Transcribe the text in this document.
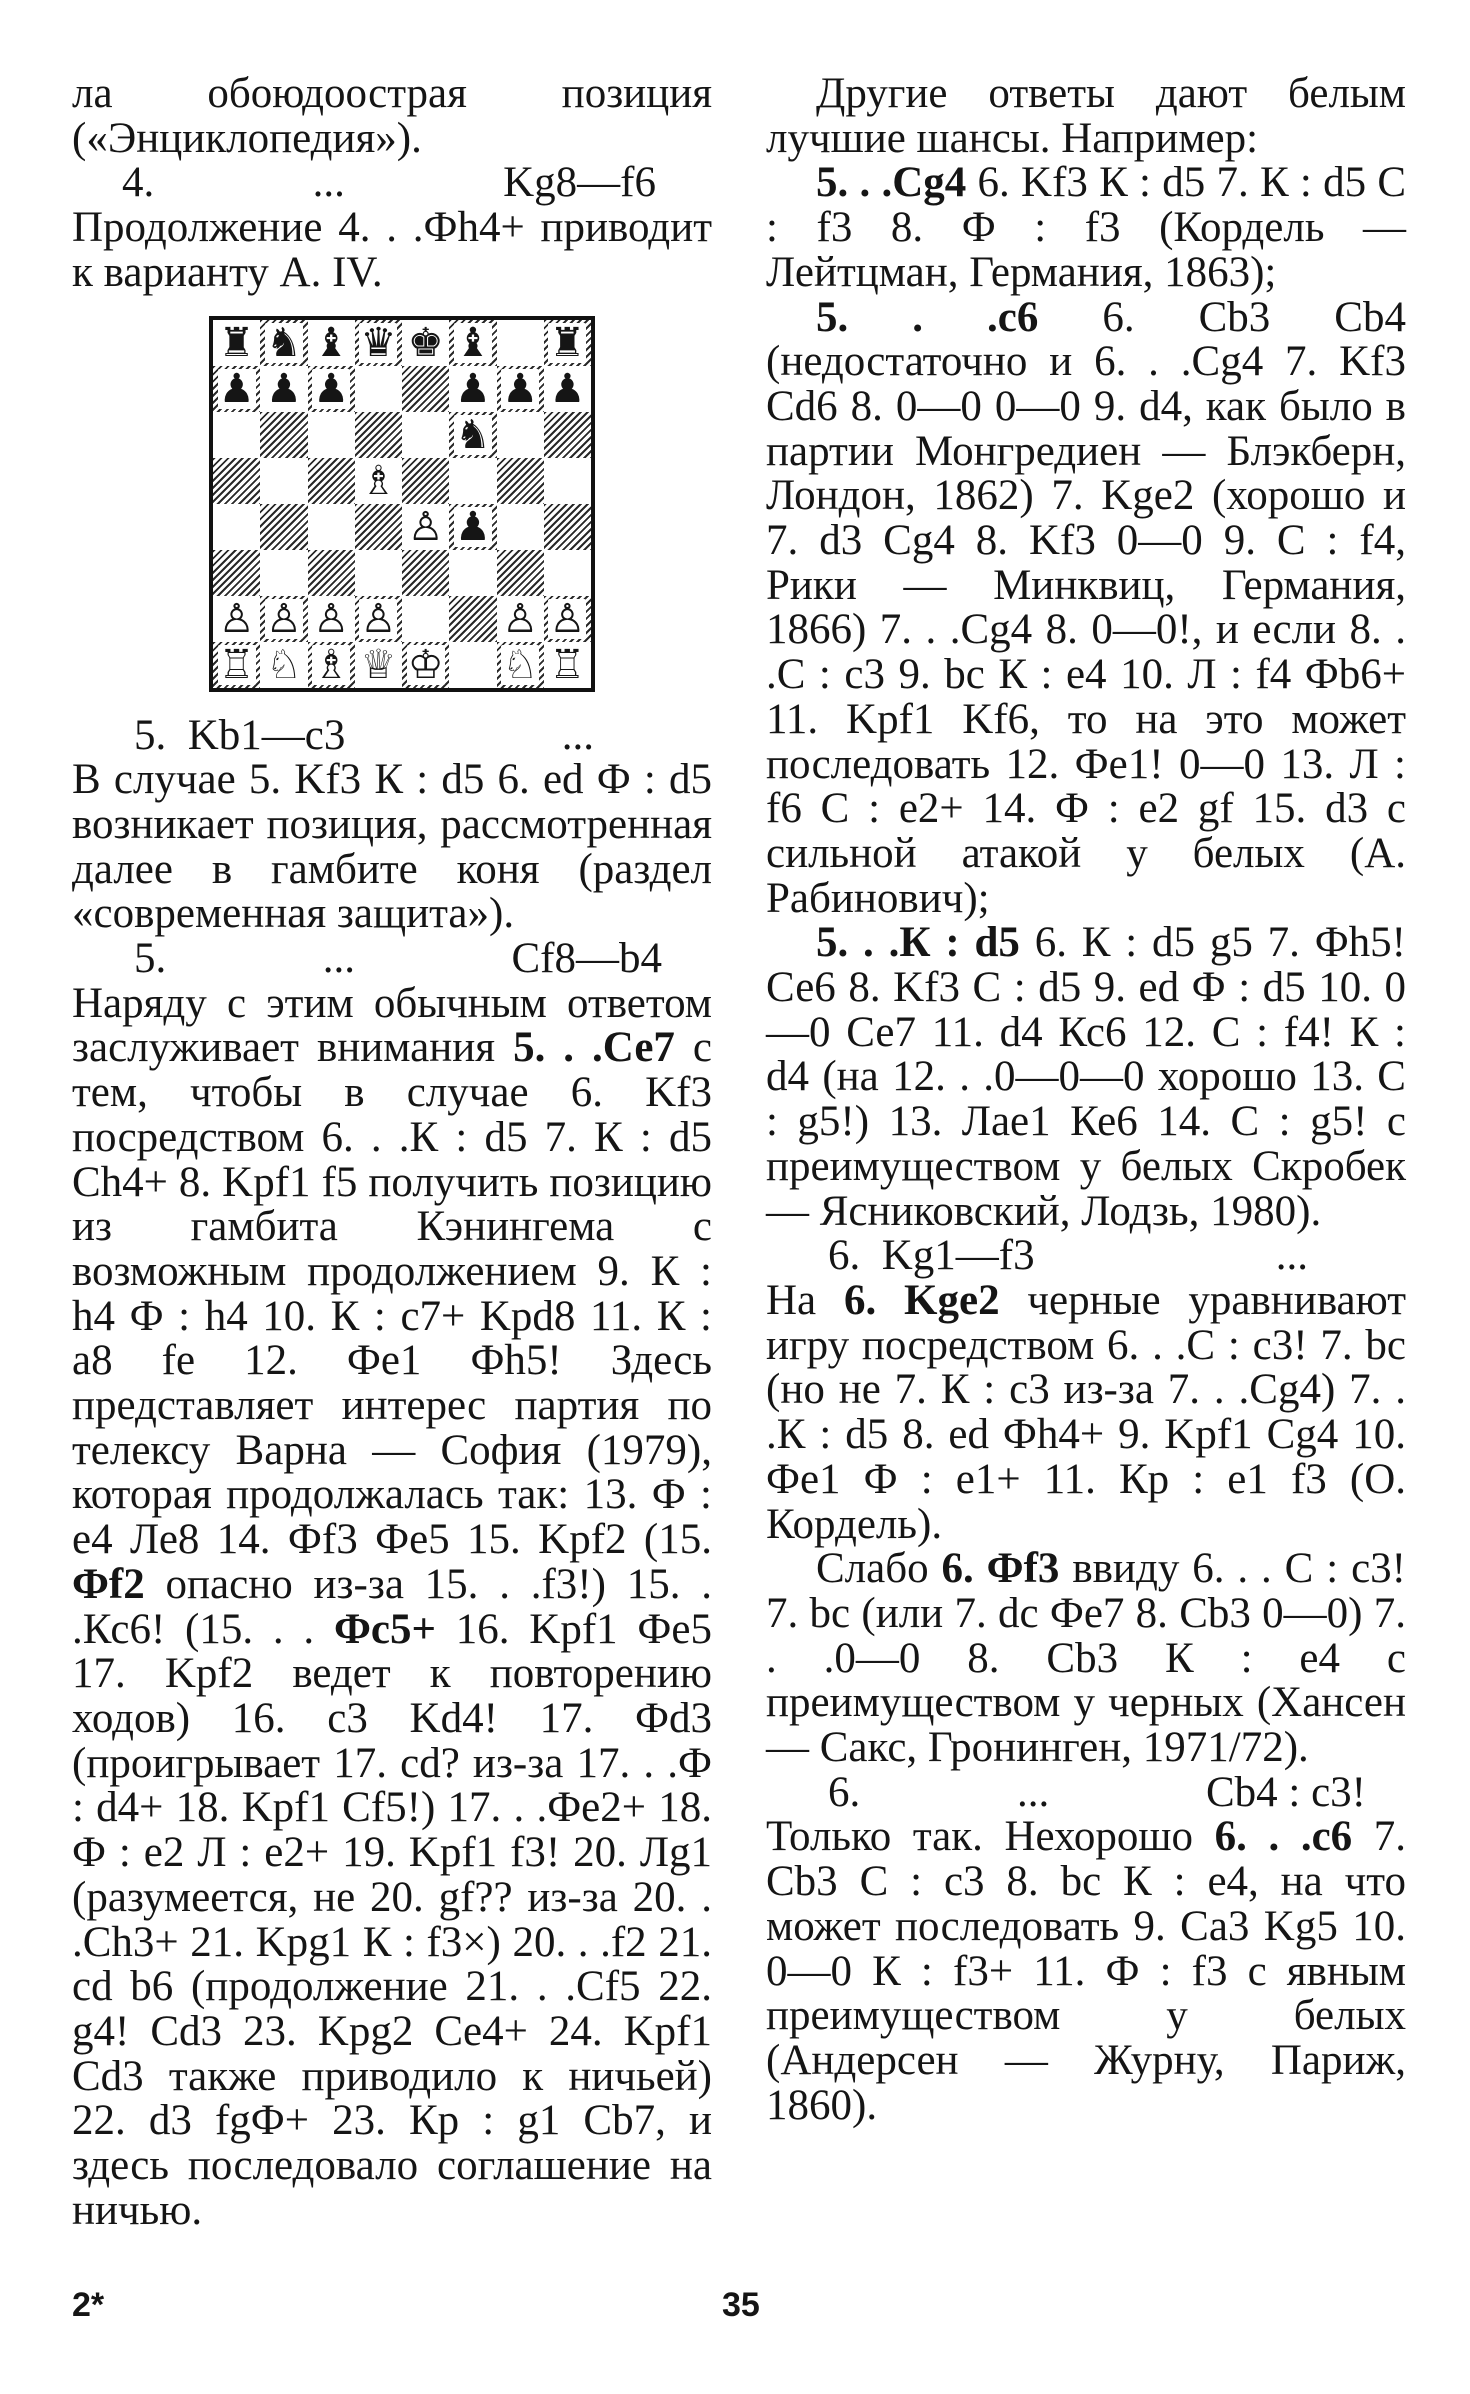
ла обоюдоострая позиция («Энциклопедия»).

4.	...	Kg8—f6

Продолжение 4. . .Фh4+ приводит к варианту А. IV.

♜ ♞ ♝ ♛ ♚ ♝ ♜
♟ ♟ ♟	♟ ♟ ♟
♞
♗
♙ ♟
♙ ♙ ♙ ♙	♙ ♙
♖ ♘ ♗ ♕ ♔ ♘ ♖
5.  Kb1—c3	...

В случае 5. Kf3 К : d5 6. ed Ф : d5 возникает позиция, рассмотренная далее в гамбите коня (раздел «современная защита»).

5.	...	Cf8—b4

Наряду с этим обычным ответом заслуживает внимания 5. . .Се7 с тем, чтобы в случае 6. Kf3 посредством 6. . .К : d5 7. К : d5 Ch4+ 8. Kpf1 f5 получить позицию из гамбита Кэнингема с возможным продолжением 9. К : h4 Ф : h4 10. К : с7+ Kpd8 11. К : а8 fe 12. Фe1 Фh5! Здесь представляет интерес партия по телексу Варна — София (1979), которая продолжалась так: 13. Ф : е4 Ле8 14. Фf3 Фе5 15. Kpf2 (15. Фf2 опасно из-за 15. . .f3!) 15. . .Кс6! (15. . . Фс5+ 16. Kpf1 Фе5 17. Kpf2 ведет к повторению ходов) 16. с3 Kd4! 17. Фd3 (проигрывает 17. cd? из-за 17. . .Ф : d4+ 18. Kpf1 Cf5!) 17. . .Фе2+ 18. Ф : е2 Л : е2+ 19. Kpf1 f3! 20. Лg1 (разумеется, не 20. gf?? из-за 20. . .Ch3+ 21. Kpg1 К : f3×) 20. . .f2 21. cd b6 (продолжение 21. . .Cf5 22. g4! Cd3 23. Kpg2 Ce4+ 24. Kpf1 Cd3 также приводило к ничьей) 22. d3 fgФ+ 23. Кр : g1 Cb7, и здесь последовало соглашение на ничью.

Другие ответы дают белым лучшие шансы. Например:

5. . .Cg4 6. Kf3 К : d5 7. К : d5 С : f3 8. Ф : f3 (Кордель — Лейтцман, Германия, 1863);

5. . .с6 6. Cb3 Cb4 (недостаточно и 6. . .Cg4 7. Kf3 Cd6 8. 0—0 0—0 9. d4, как было в партии Монгредиен — Блэкберн, Лондон, 1862) 7. Kge2 (хорошо и 7. d3 Cg4 8. Kf3 0—0 9. С : f4, Рики — Минквиц, Германия, 1866) 7. . .Cg4 8. 0—0!, и если 8. . .С : с3 9. bc К : е4 10. Л : f4 Фb6+ 11. Kpf1 Kf6, то на это может последовать 12. Фе1! 0—0 13. Л : f6 С : е2+ 14. Ф : е2 gf 15. d3 с сильной атакой у белых (А. Рабинович);

5. . .К : d5 6. К : d5 g5 7. Фh5! Се6 8. Kf3 С : d5 9. ed Ф : d5 10. 0—0 Се7 11. d4 Кс6 12. С : f4! К : d4 (на 12. . .0—0—0 хорошо 13. С : g5!) 13. Лае1 Ке6 14. С : g5! с преимуществом у белых Скробек — Ясниковский, Лодзь, 1980).

6.  Kg1—f3	...

На 6. Kge2 черные уравнивают игру посредством 6. . .С : с3! 7. bc (но не 7. К : с3 из-за 7. . .Cg4) 7. . .К : d5 8. ed Фh4+ 9. Kpf1 Cg4 10. Фе1 Ф : е1+ 11. Кр : е1 f3 (О. Кордель).

Слабо 6. Фf3 ввиду 6. . . С : с3! 7. bc (или 7. dc Фе7 8. Cb3 0—0) 7. . .0—0 8. Cb3 К : е4 с преимуществом у черных (Хансен — Сакс, Гронинген, 1971/72).

6.	...	Cb4 : с3!

Только так. Нехорошо 6. . .с6 7. Cb3 С : с3 8. bc К : е4, на что может последовать 9. Са3 Kg5 10. 0—0 К : f3+ 11. Ф : f3 с явным преимуществом у белых (Андерсен — Журну, Париж, 1860).

2*	35
